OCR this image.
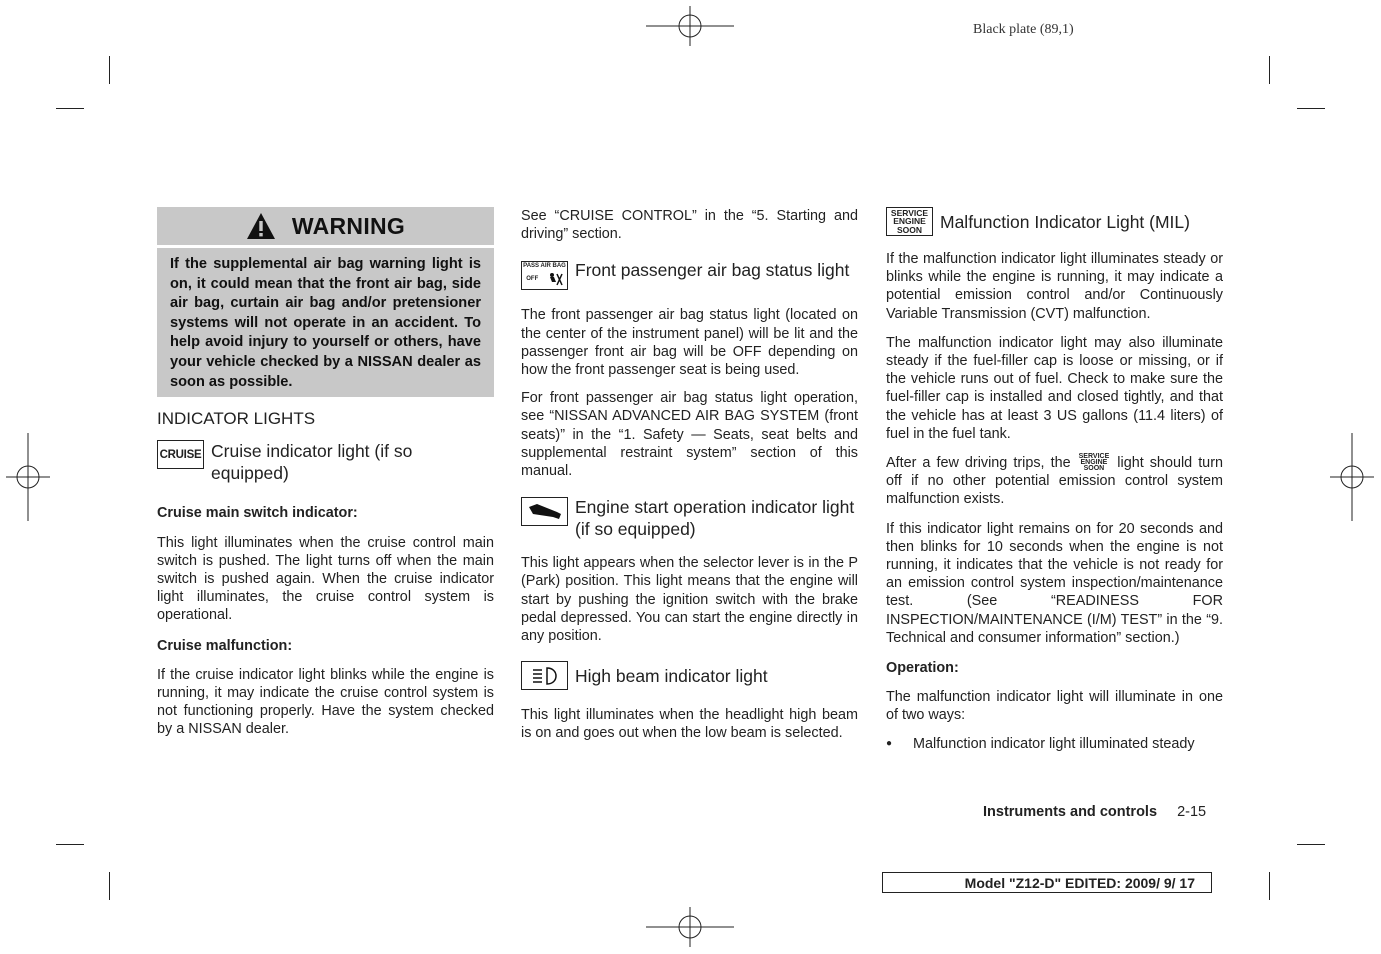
Black plate (89,1)
WARNING
If the supplemental air bag warning light is on, it could mean that the front air bag, side air bag, curtain air bag and/or pretensioner systems will not operate in an accident. To help avoid injury to yourself or others, have your vehicle checked by a NISSAN dealer as soon as possible.
INDICATOR LIGHTS
CRUISE Cruise indicator light (if so equipped)

Cruise main switch indicator:

This light illuminates when the cruise control main switch is pushed. The light turns off when the main switch is pushed again. When the cruise indicator light illuminates, the cruise control system is operational.

Cruise malfunction:

If the cruise indicator light blinks while the engine is running, it may indicate the cruise control system is not functioning properly. Have the system checked by a NISSAN dealer.

See “CRUISE CONTROL” in the “5. Starting and driving” section.

PASS AIR BAG
OFF Front passenger air bag status light

The front passenger air bag status light (located on the center of the instrument panel) will be lit and the passenger front air bag will be OFF depending on how the front passenger seat is being used.

For front passenger air bag status light operation, see “NISSAN ADVANCED AIR BAG SYSTEM (front seats)” in the “1. Safety — Seats, seat belts and supplemental restraint system” section of this manual.

Engine start operation indicator light (if so equipped)

This light appears when the selector lever is in the P (Park) position. This light means that the engine will start by pushing the ignition switch with the brake pedal depressed. You can start the engine directly in any position.

High beam indicator light

This light illuminates when the headlight high beam is on and goes out when the low beam is selected.

SERVICE
ENGINE
SOON Malfunction Indicator Light (MIL)

If the malfunction indicator light illuminates steady or blinks while the engine is running, it may indicate a potential emission control and/or Continuously Variable Transmission (CVT) malfunction.

The malfunction indicator light may also illuminate steady if the fuel-filler cap is loose or missing, or if the vehicle runs out of fuel. Check to make sure the fuel-filler cap is installed and closed tightly, and that the vehicle has at least 3 US gallons (11.4 liters) of fuel in the fuel tank.

After a few driving trips, the SERVICE
ENGINE
SOON light should turn off if no other potential emission control system malfunction exists.

If this indicator light remains on for 20 seconds and then blinks for 10 seconds when the engine is not running, it indicates that the vehicle is not ready for an emission control system inspection/maintenance test. (See “READINESS FOR INSPECTION/MAINTENANCE (I/M) TEST” in the “9. Technical and consumer information” section.)

Operation:

The malfunction indicator light will illuminate in one of two ways:

●	Malfunction indicator light illuminated steady
Instruments and controls 2-15
Model "Z12-D" EDITED: 2009/ 9/ 17
